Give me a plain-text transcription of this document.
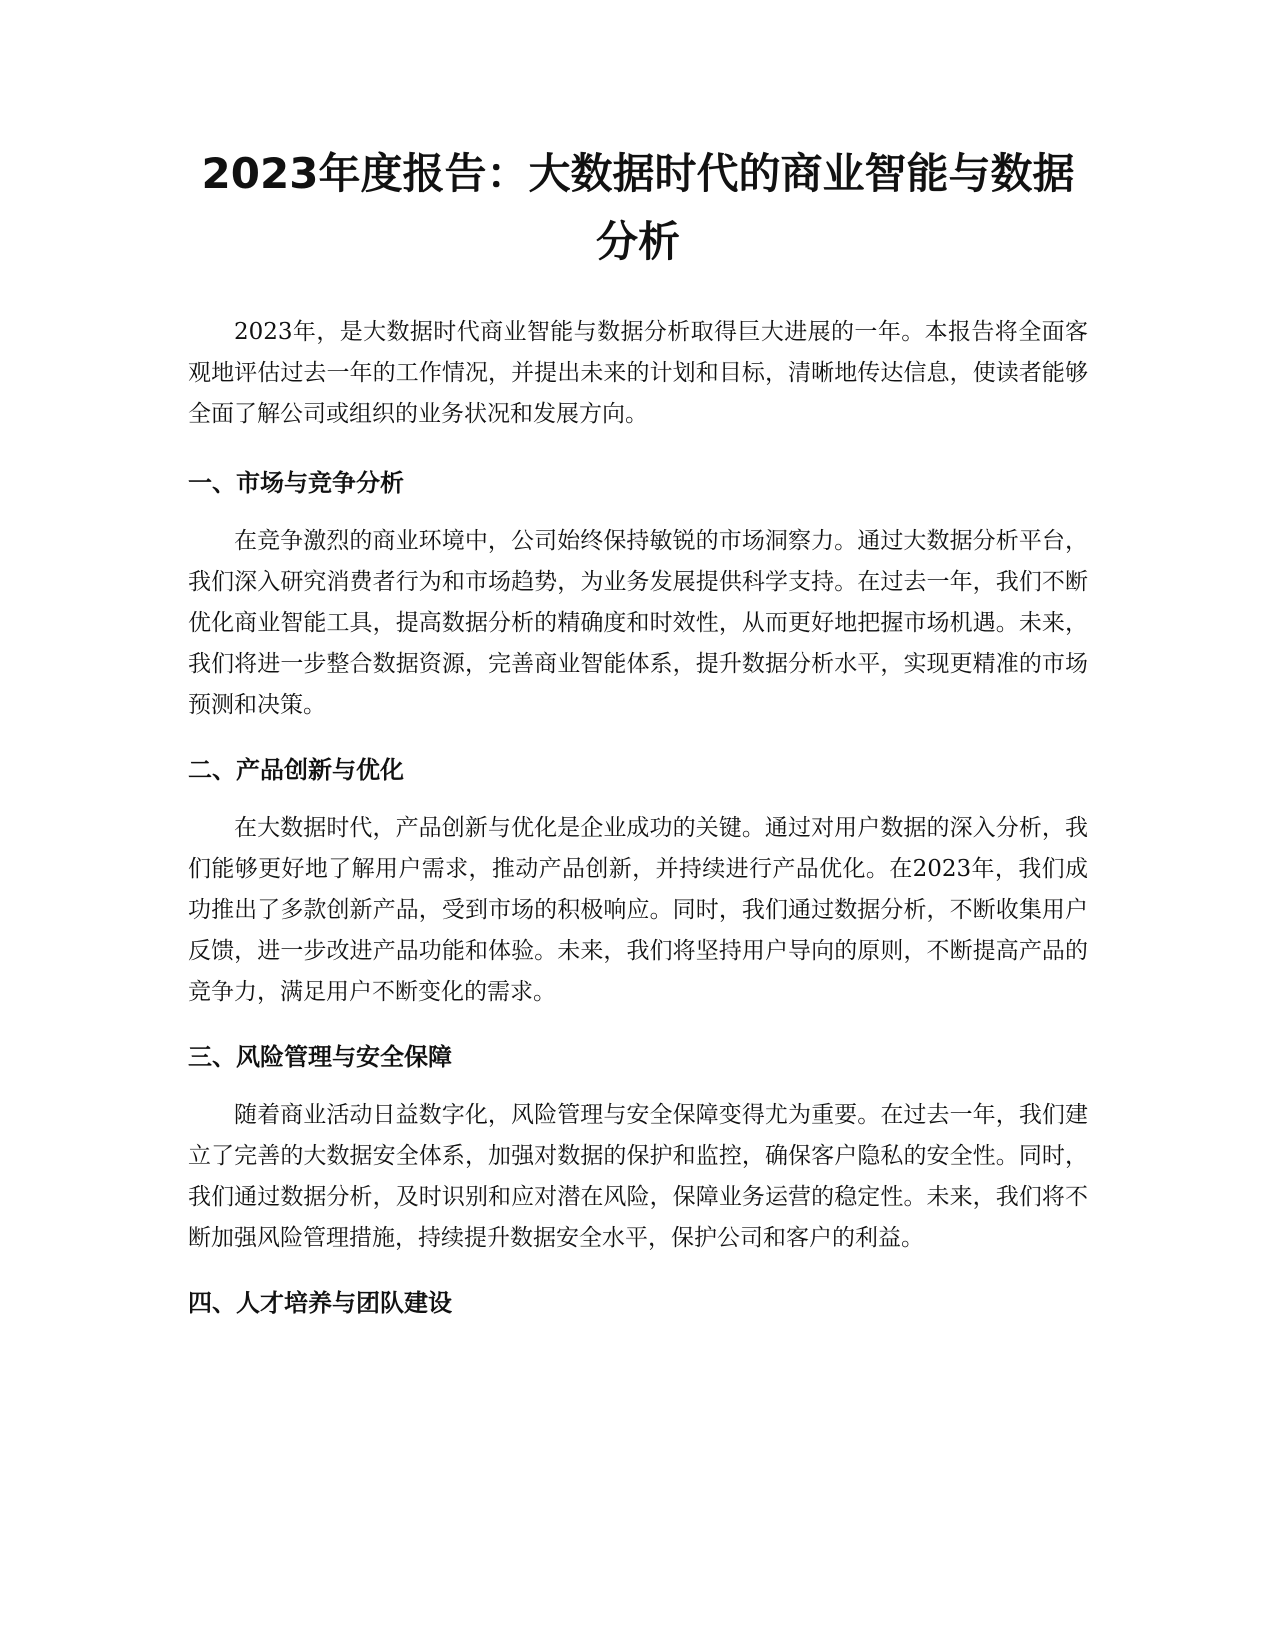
2023年度报告：大数据时代的商业智能与数据分析

2023年，是大数据时代商业智能与数据分析取得巨大进展的一年。本报告将全面客观地评估过去一年的工作情况，并提出未来的计划和目标，清晰地传达信息，使读者能够全面了解公司或组织的业务状况和发展方向。

一、市场与竞争分析

在竞争激烈的商业环境中，公司始终保持敏锐的市场洞察力。通过大数据分析平台，我们深入研究消费者行为和市场趋势，为业务发展提供科学支持。在过去一年，我们不断优化商业智能工具，提高数据分析的精确度和时效性，从而更好地把握市场机遇。未来，我们将进一步整合数据资源，完善商业智能体系，提升数据分析水平，实现更精准的市场预测和决策。

二、产品创新与优化

在大数据时代，产品创新与优化是企业成功的关键。通过对用户数据的深入分析，我们能够更好地了解用户需求，推动产品创新，并持续进行产品优化。在2023年，我们成功推出了多款创新产品，受到市场的积极响应。同时，我们通过数据分析，不断收集用户反馈，进一步改进产品功能和体验。未来，我们将坚持用户导向的原则，不断提高产品的竞争力，满足用户不断变化的需求。

三、风险管理与安全保障

随着商业活动日益数字化，风险管理与安全保障变得尤为重要。在过去一年，我们建立了完善的大数据安全体系，加强对数据的保护和监控，确保客户隐私的安全性。同时，我们通过数据分析，及时识别和应对潜在风险，保障业务运营的稳定性。未来，我们将不断加强风险管理措施，持续提升数据安全水平，保护公司和客户的利益。

四、人才培养与团队建设
